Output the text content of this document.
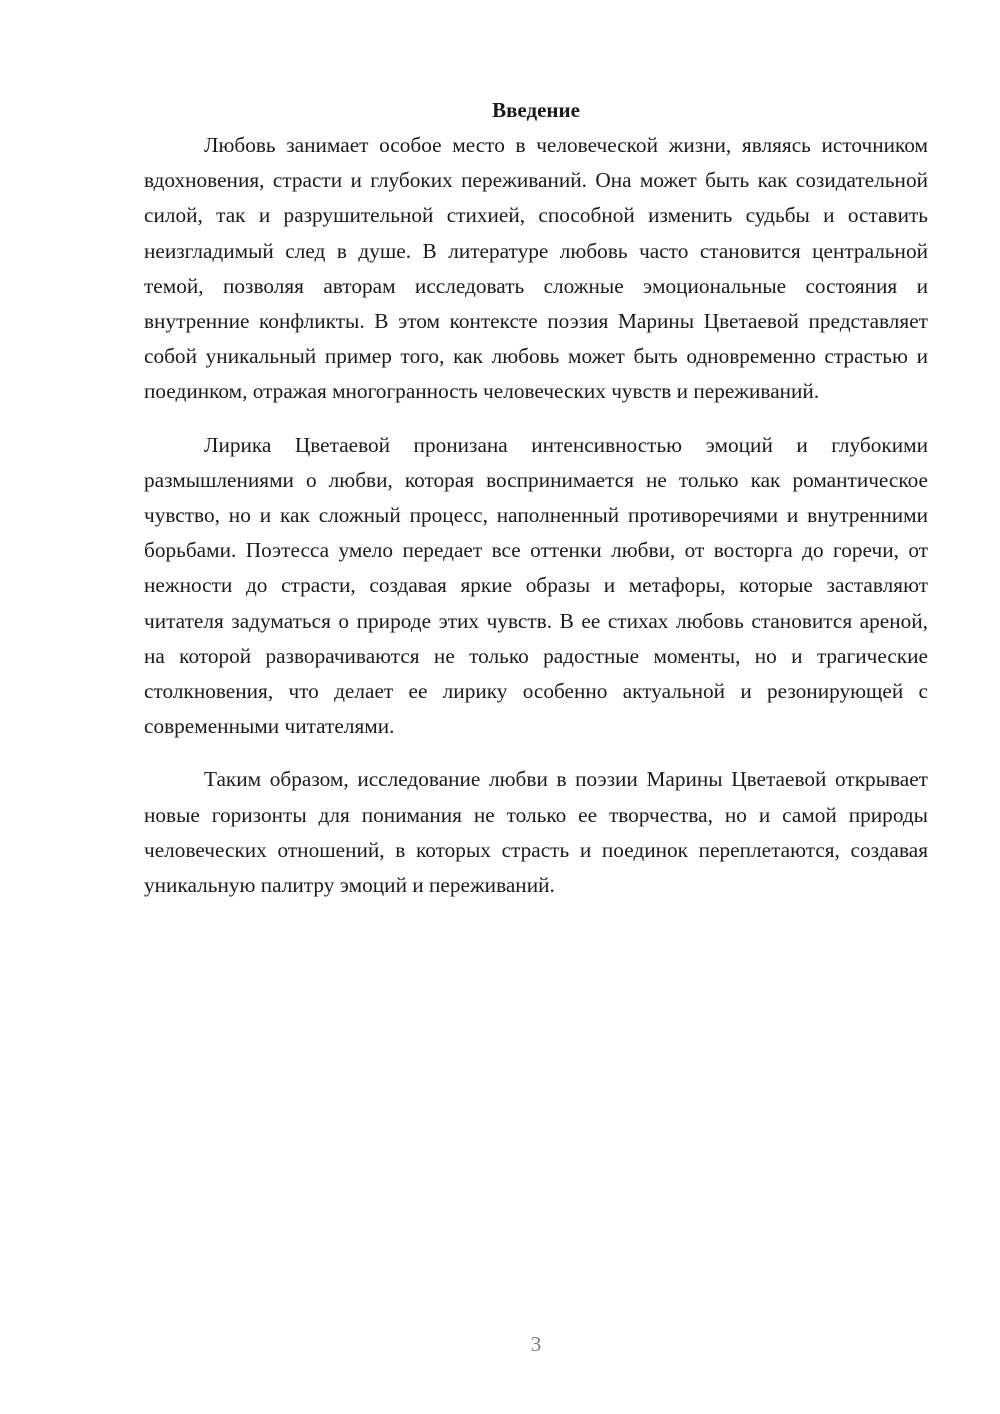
Введение

Любовь занимает особое место в человеческой жизни, являясь источником вдохновения, страсти и глубоких переживаний. Она может быть как созидательной силой, так и разрушительной стихией, способной изменить судьбы и оставить неизгладимый след в душе. В литературе любовь часто становится центральной темой, позволяя авторам исследовать сложные эмоциональные состояния и внутренние конфликты. В этом контексте поэзия Марины Цветаевой представляет собой уникальный пример того, как любовь может быть одновременно страстью и поединком, отражая многогранность человеческих чувств и переживаний.

Лирика Цветаевой пронизана интенсивностью эмоций и глубокими размышлениями о любви, которая воспринимается не только как романтическое чувство, но и как сложный процесс, наполненный противоречиями и внутренними борьбами. Поэтесса умело передает все оттенки любви, от восторга до горечи, от нежности до страсти, создавая яркие образы и метафоры, которые заставляют читателя задуматься о природе этих чувств. В ее стихах любовь становится ареной, на которой разворачиваются не только радостные моменты, но и трагические столкновения, что делает ее лирику особенно актуальной и резонирующей с современными читателями.

Таким образом, исследование любви в поэзии Марины Цветаевой открывает новые горизонты для понимания не только ее творчества, но и самой природы человеческих отношений, в которых страсть и поединок переплетаются, создавая уникальную палитру эмоций и переживаний.

3
